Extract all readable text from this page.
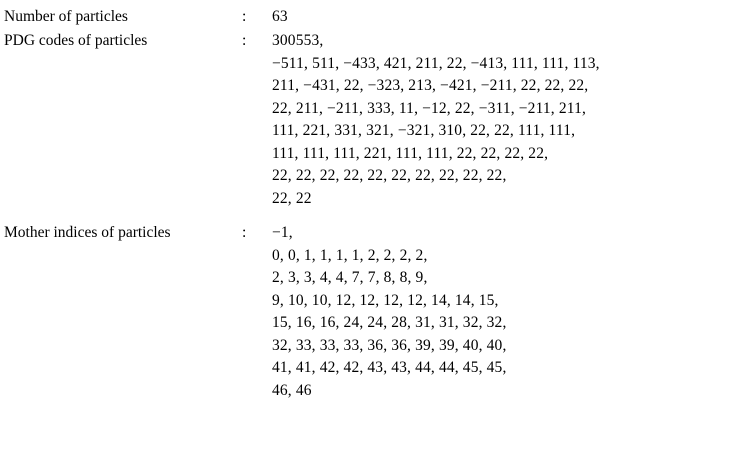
Number of particles	:	63
PDG codes of particles	:	300553,
−511, 511, −433, 421, 211, 22, −413, 111, 111, 113,
211, −431, 22, −323, 213, −421, −211, 22, 22, 22,
22, 211, −211, 333, 11, −12, 22, −311, −211, 211,
111, 221, 331, 321, −321, 310, 22, 22, 111, 111,
111, 111, 111, 221, 111, 111, 22, 22, 22, 22,
22, 22, 22, 22, 22, 22, 22, 22, 22, 22,
22, 22
Mother indices of particles	:	−1,
0, 0, 1, 1, 1, 1, 2, 2, 2, 2,
2, 3, 3, 4, 4, 7, 7, 8, 8, 9,
9, 10, 10, 12, 12, 12, 12, 14, 14, 15,
15, 16, 16, 24, 24, 28, 31, 31, 32, 32,
32, 33, 33, 33, 36, 36, 39, 39, 40, 40,
41, 41, 42, 42, 43, 43, 44, 44, 45, 45,
46, 46
